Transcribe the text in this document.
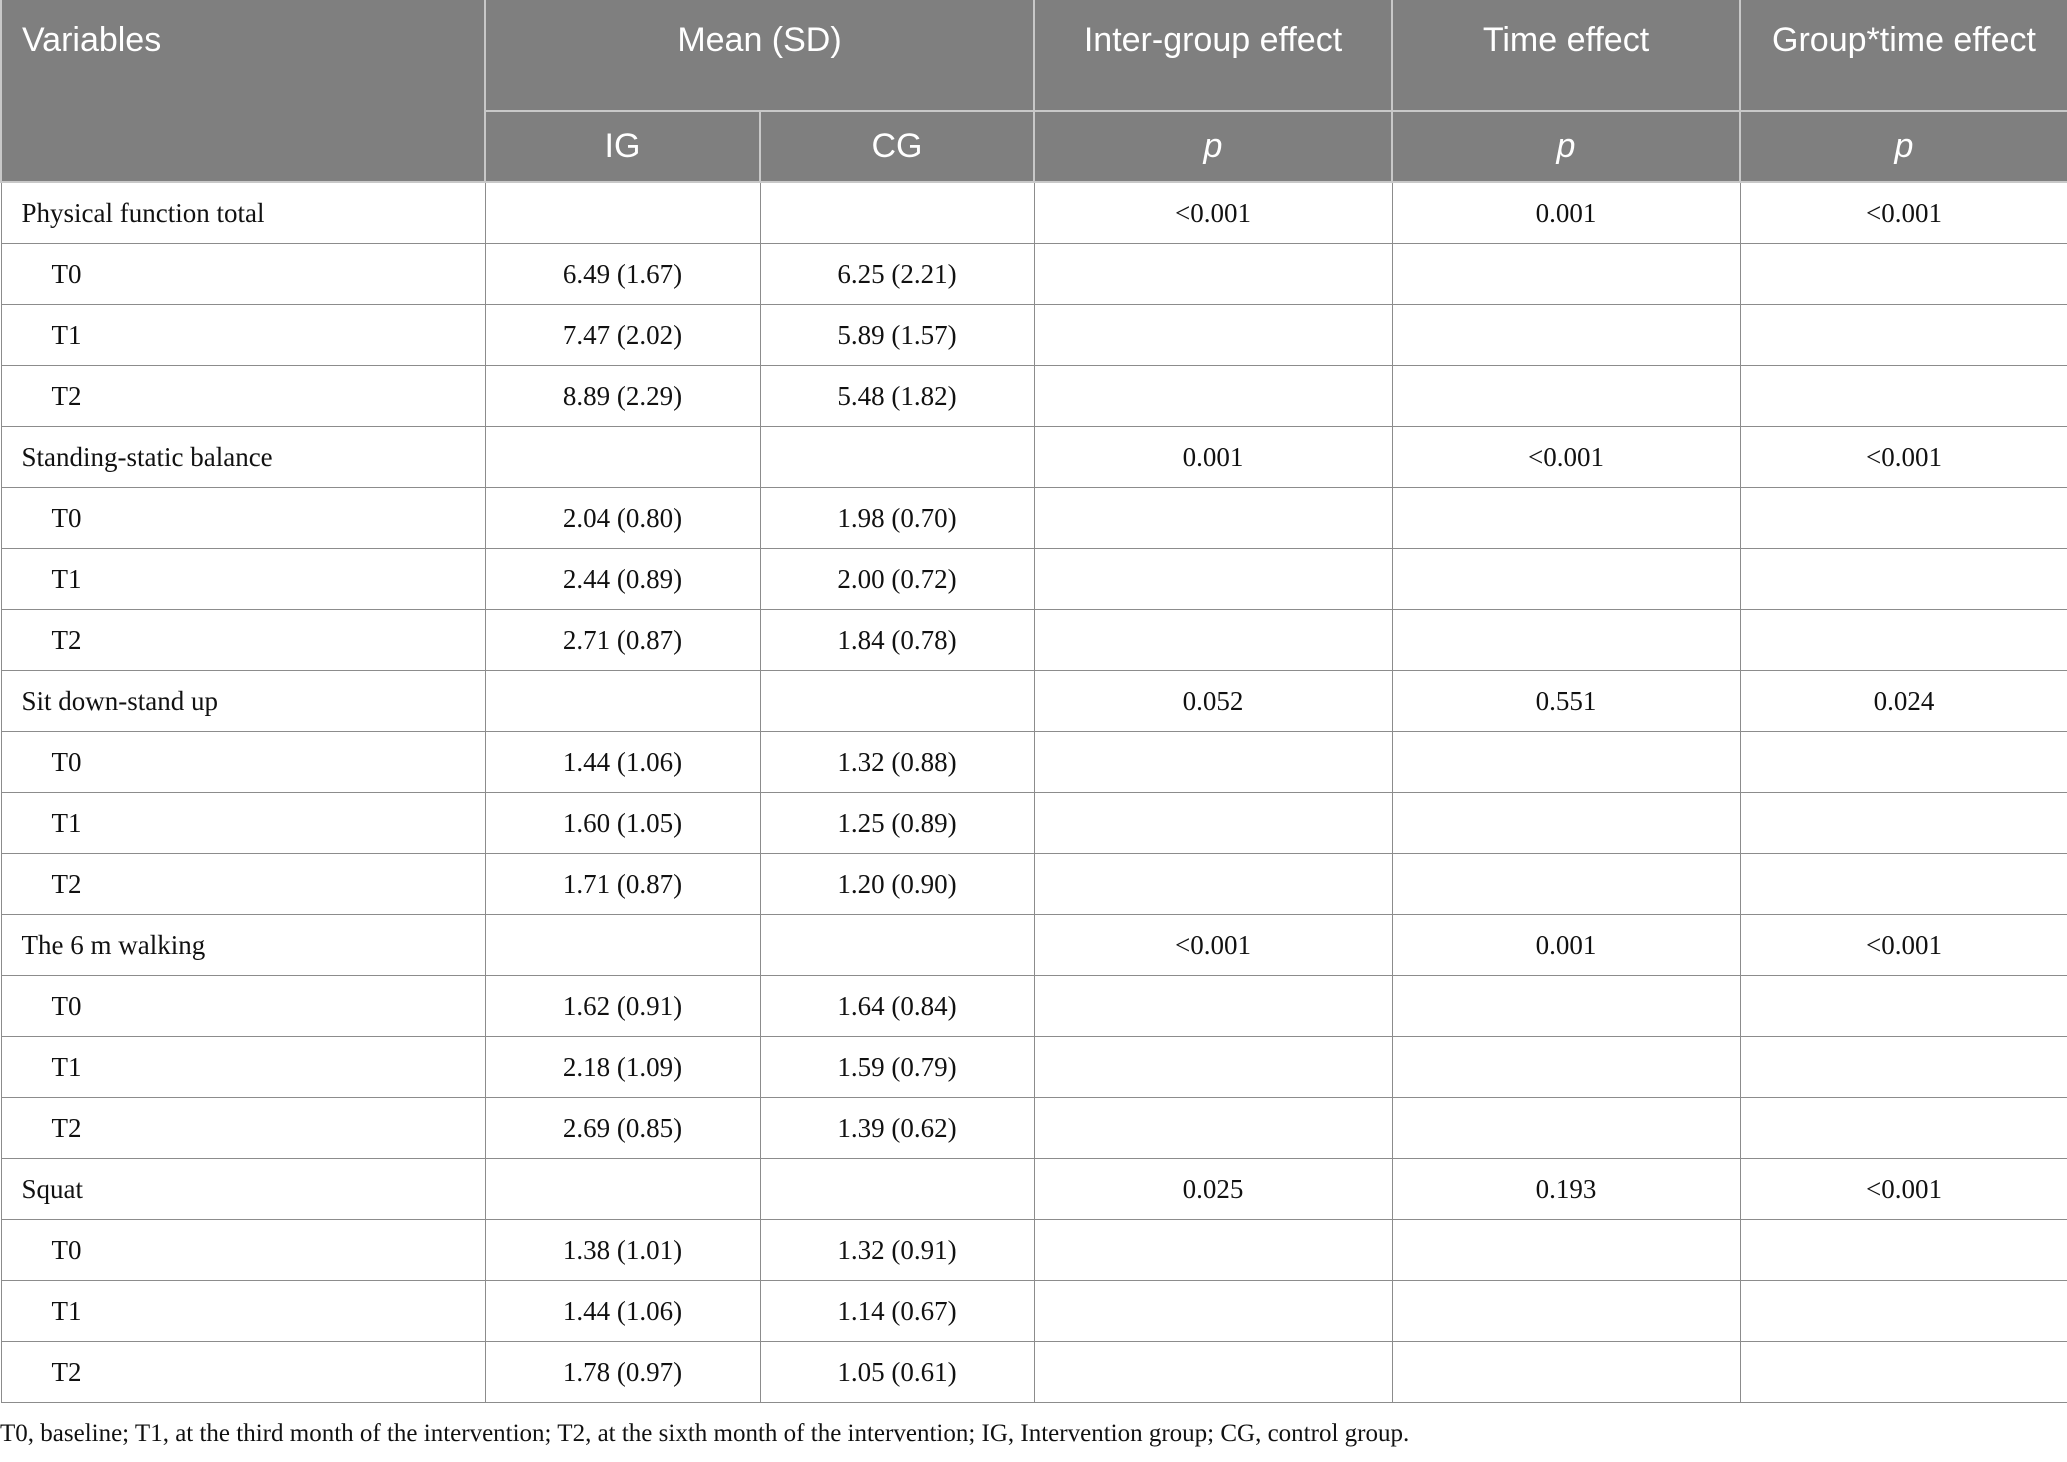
Variables	Mean (SD)		Inter-group effect	Time effect	Group*time effect
	IG	CG	p	p	p
Physical function total			<0.001	0.001	<0.001
T0	6.49 (1.67)	6.25 (2.21)			
T1	7.47 (2.02)	5.89 (1.57)			
T2	8.89 (2.29)	5.48 (1.82)			
Standing-static balance			0.001	<0.001	<0.001
T0	2.04 (0.80)	1.98 (0.70)			
T1	2.44 (0.89)	2.00 (0.72)			
T2	2.71 (0.87)	1.84 (0.78)			
Sit down-stand up			0.052	0.551	0.024
T0	1.44 (1.06)	1.32 (0.88)			
T1	1.60 (1.05)	1.25 (0.89)			
T2	1.71 (0.87)	1.20 (0.90)			
The 6 m walking			<0.001	0.001	<0.001
T0	1.62 (0.91)	1.64 (0.84)			
T1	2.18 (1.09)	1.59 (0.79)			
T2	2.69 (0.85)	1.39 (0.62)			
Squat			0.025	0.193	<0.001
T0	1.38 (1.01)	1.32 (0.91)			
T1	1.44 (1.06)	1.14 (0.67)			
T2	1.78 (0.97)	1.05 (0.61)			
T0, baseline; T1, at the third month of the intervention; T2, at the sixth month of the intervention; IG, Intervention group; CG, control group.
